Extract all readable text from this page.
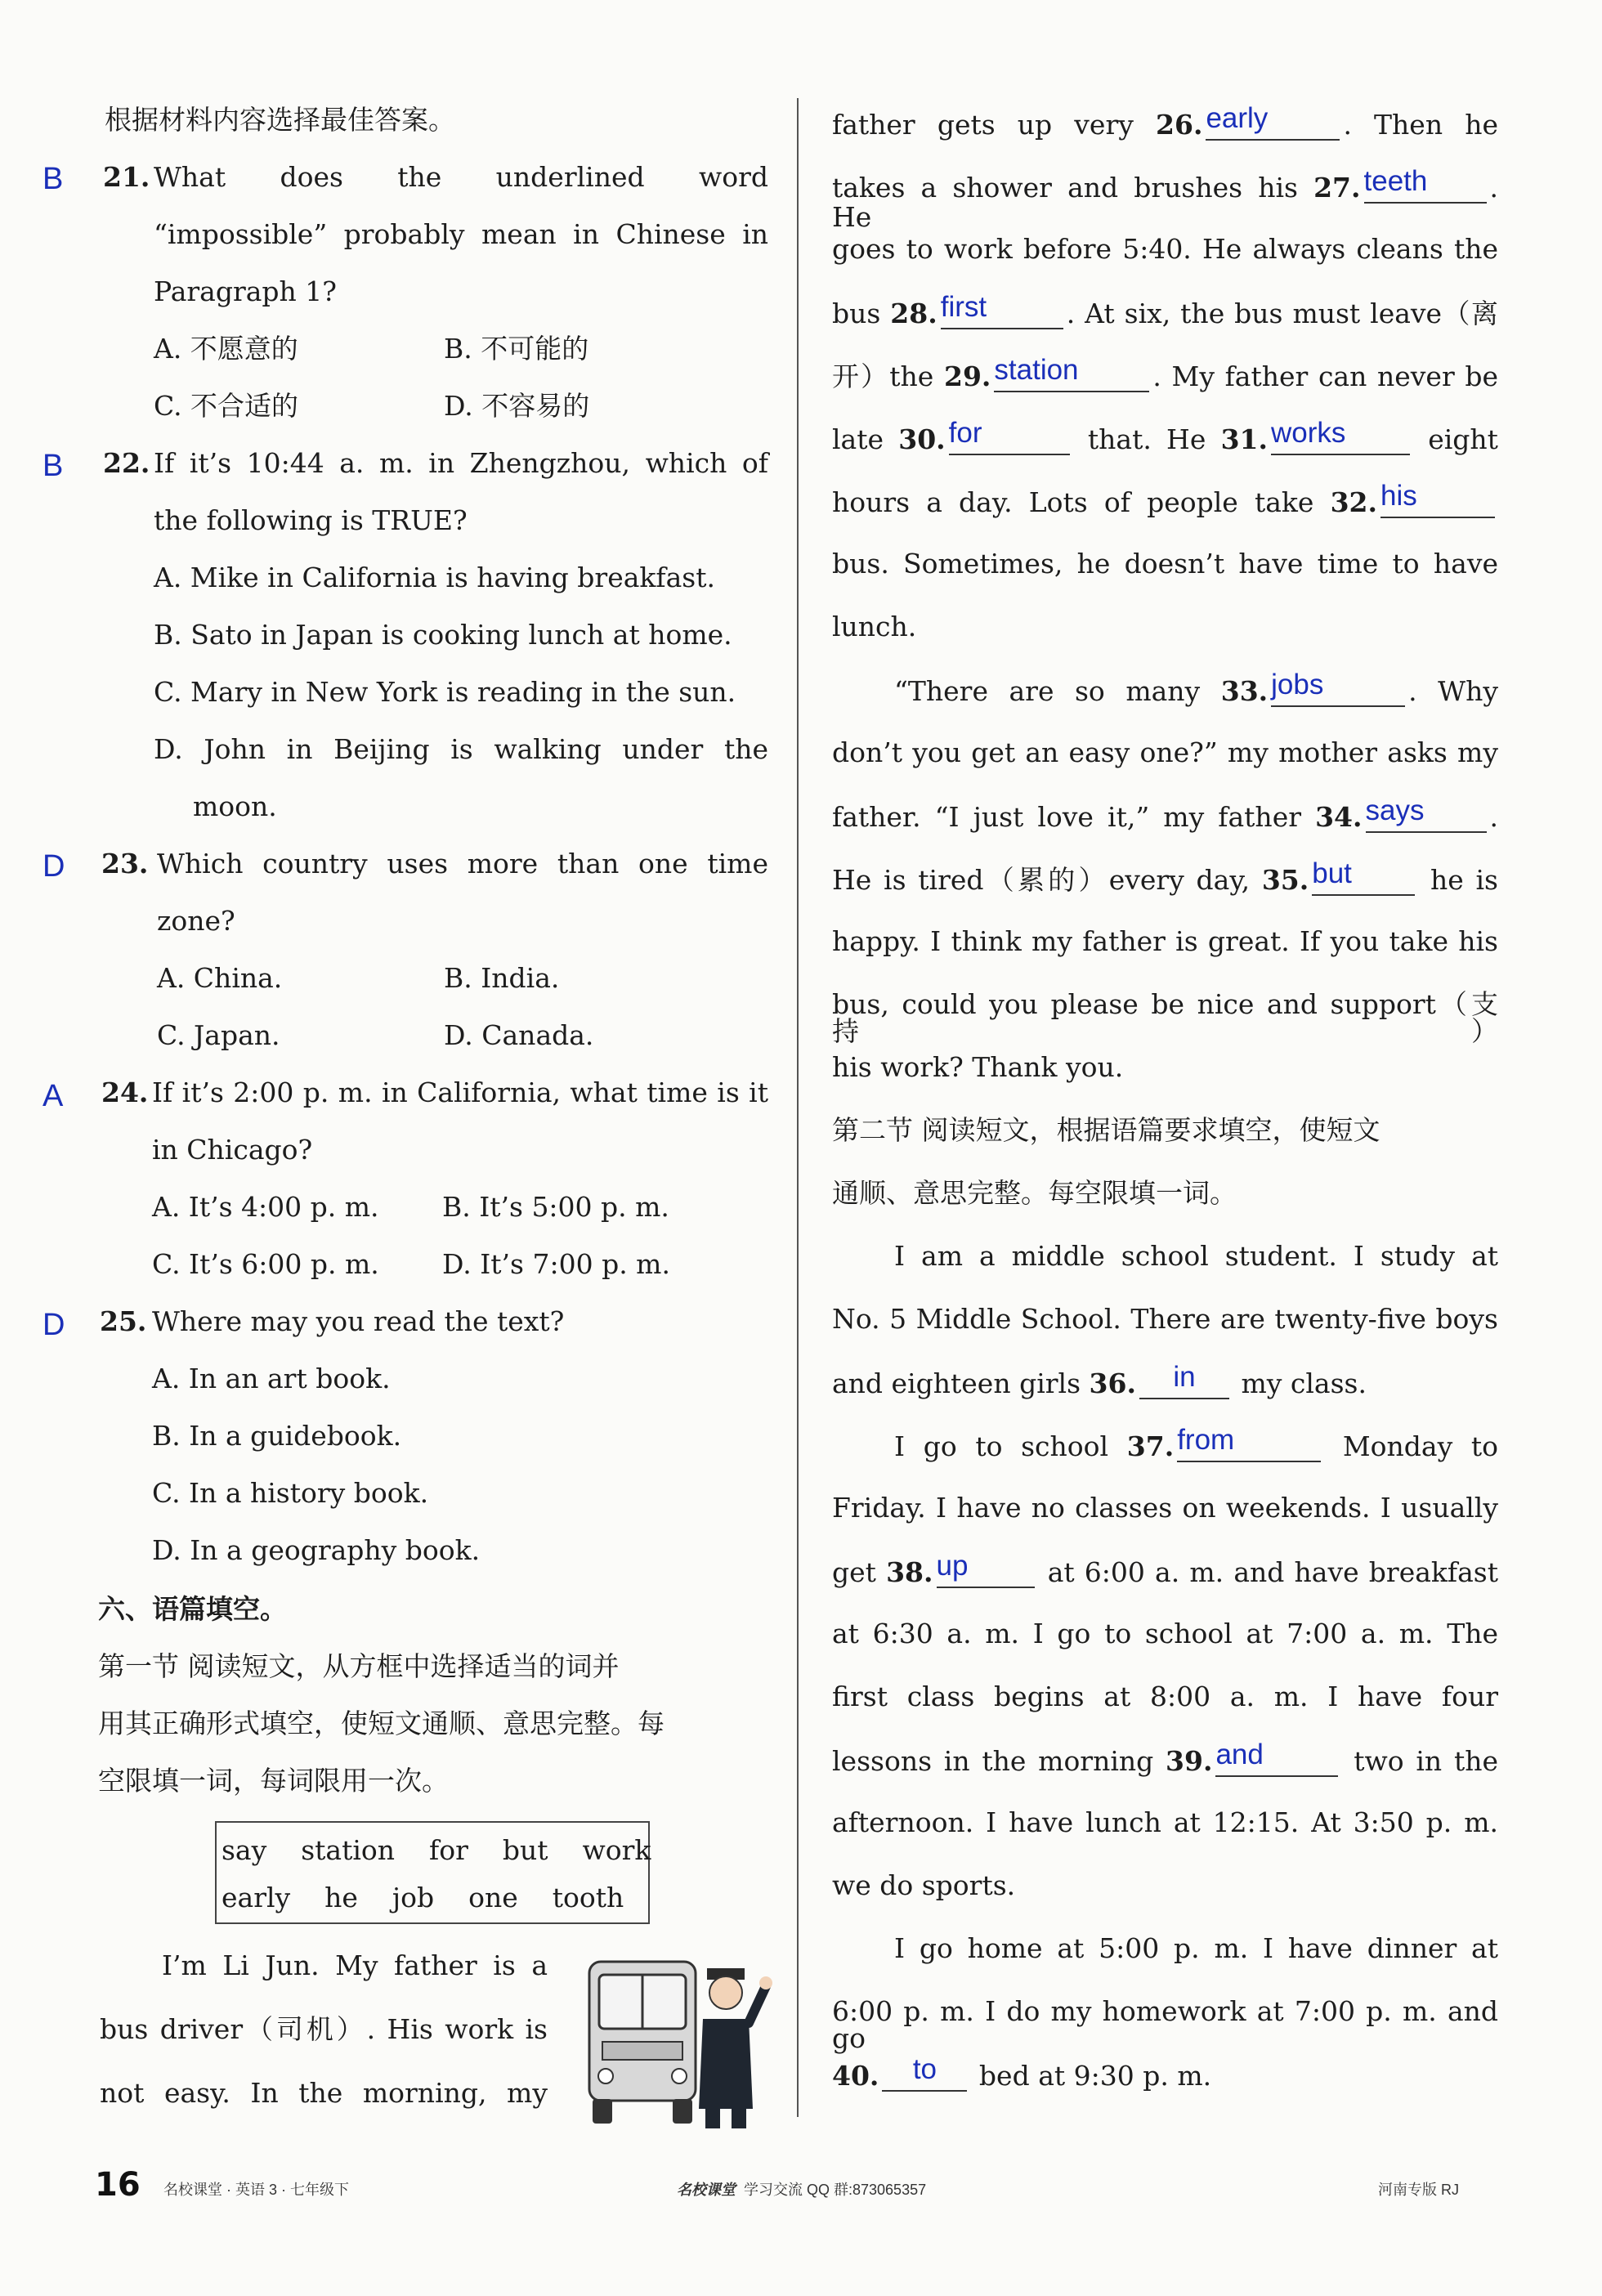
根据材料内容选择最佳答案。
B 21. What does the underlined word
“impossible” probably mean in Chinese in
Paragraph 1?
A. 不愿意的	B. 不可能的
C. 不合适的	D. 不容易的
B 22. If it’s 10:44 a. m. in Zhengzhou, which of
the following is TRUE?
A. Mike in California is having breakfast.
B. Sato in Japan is cooking lunch at home.
C. Mary in New York is reading in the sun.
D. John in Beijing is walking under the
moon.
D 23. Which country uses more than one time
zone?
A. China.	B. India.
C. Japan.	D. Canada.
A 24. If it’s 2:00 p. m. in California, what time is it
in Chicago?
A. It’s 4:00 p. m. B. It’s 5:00 p. m.
C. It’s 6:00 p. m. D. It’s 7:00 p. m.
D 25. Where may you read the text?
A. In an art book.
B. In a guidebook.
C. In a history book.
D. In a geography book.
六、语篇填空。
第一节 阅读短文，从方框中选择适当的词并
用其正确形式填空，使短文通顺、意思完整。每
空限填一词，每词限用一次。
say station for but work
early he job one tooth
I’m Li Jun. My father is a
bus driver（司机）. His work is
not easy. In the morning, my
father gets up very 26. early	. Then he
takes a shower and brushes his 27. teeth	. He
goes to work before 5:40. He always cleans the
bus 28. first	. At six, the bus must leave（离
开）the 29. station	. My father can never be
late 30. for	that. He 31. works	eight
hours a day. Lots of people take 32. his
bus. Sometimes, he doesn’t have time to have
lunch.
“There are so many 33. jobs	. Why
don’t you get an easy one?” my mother asks my
father. “I just love it,” my father 34. says	.
He is tired（累的）every day, 35. but	he is
happy. I think my father is great. If you take his
bus, could you please be nice and support（支持）
his work? Thank you.
第二节 阅读短文，根据语篇要求填空，使短文
通顺、意思完整。每空限填一词。
I am a middle school student. I study at
No. 5 Middle School. There are twenty-five boys
and eighteen girls 36.	in	my class.
I go to school 37. from	Monday to
Friday. I have no classes on weekends. I usually
get 38. up	at 6:00 a. m. and have breakfast
at 6:30 a. m. I go to school at 7:00 a. m. The
first class begins at 8:00 a. m. I have four
lessons in the morning 39. and	two in the
afternoon. I have lunch at 12:15. At 3:50 p. m.
we do sports.
I go home at 5:00 p. m. I have dinner at
6:00 p. m. I do my homework at 7:00 p. m. and go
40.	to	bed at 9:30 p. m.
16 名校课堂 · 英语 3 · 七年级下	名校课堂 学习交流 QQ 群:873065357	河南专版 RJ
